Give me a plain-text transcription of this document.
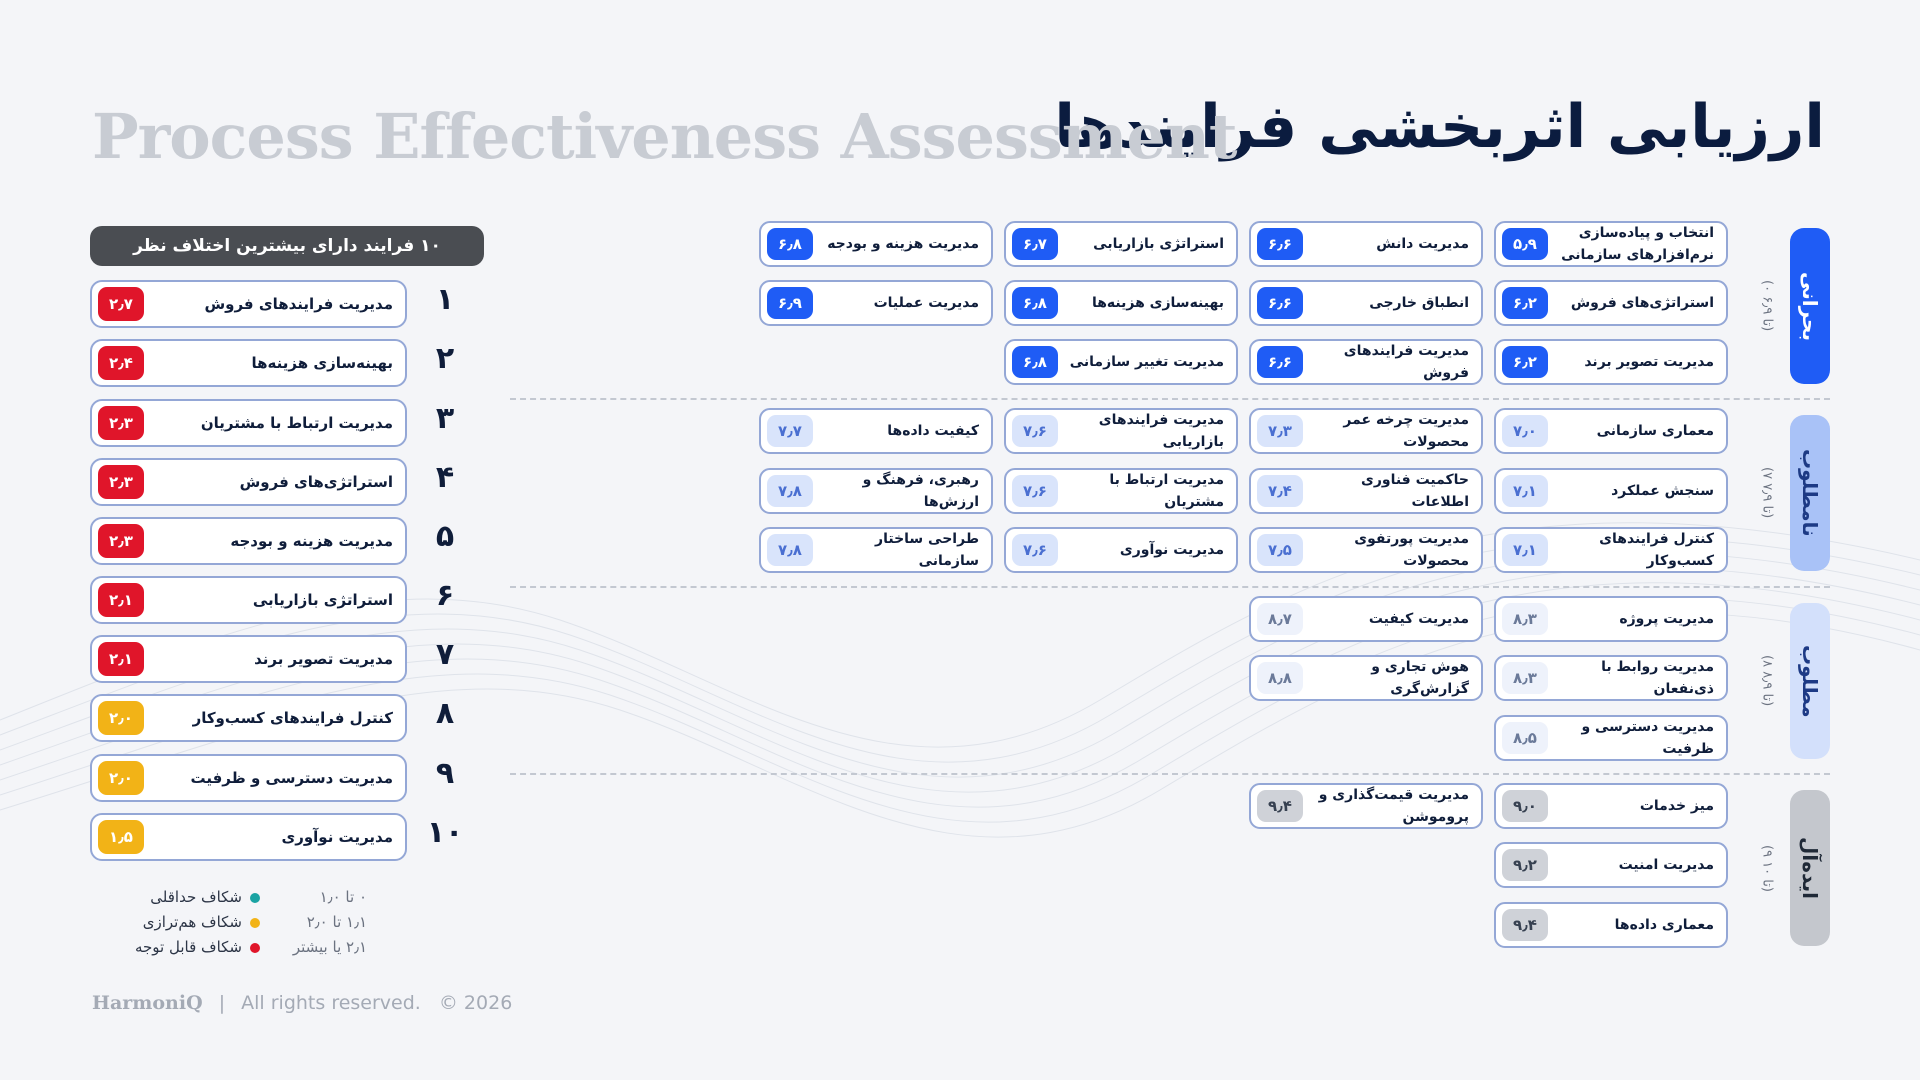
ارزیابی اثربخشی فرایندها
Process Effectiveness Assessment
بحرانی
(۰ تا ۶٫۹)
نامطلوب
(۷ تا ۷٫۹)
مطلوب
(۸ تا ۸٫۹)
ایده‌آل
(۹ تا ۱۰)
انتخاب و پیاده‌سازی نرم‌افزارهای سازمانی
۵٫۹
مدیریت دانش
۶٫۶
استراتژی بازاریابی
۶٫۷
مدیریت هزینه و بودجه
۶٫۸
استراتژی‌های فروش
۶٫۲
انطباق خارجی
۶٫۶
بهینه‌سازی هزینه‌ها
۶٫۸
مدیریت عملیات
۶٫۹
مدیریت تصویر برند
۶٫۲
مدیریت فرایندهای فروش
۶٫۶
مدیریت تغییر سازمانی
۶٫۸
معماری سازمانی
۷٫۰
مدیریت چرخه عمر محصولات
۷٫۳
مدیریت فرایندهای بازاریابی
۷٫۶
کیفیت داده‌ها
۷٫۷
سنجش عملکرد
۷٫۱
حاکمیت فناوری اطلاعات
۷٫۴
مدیریت ارتباط با مشتریان
۷٫۶
رهبری، فرهنگ و ارزش‌ها
۷٫۸
کنترل فرایندهای کسب‌وکار
۷٫۱
مدیریت پورتفوی محصولات
۷٫۵
مدیریت نوآوری
۷٫۶
طراحی ساختار سازمانی
۷٫۸
مدیریت پروژه
۸٫۳
مدیریت کیفیت
۸٫۷
مدیریت روابط با ذی‌نفعان
۸٫۳
هوش تجاری و گزارش‌گری
۸٫۸
مدیریت دسترسی و ظرفیت
۸٫۵
میز خدمات
۹٫۰
مدیریت قیمت‌گذاری و پروموشن
۹٫۴
مدیریت امنیت
۹٫۲
معماری داده‌ها
۹٫۴
۱۰ فرایند دارای بیشترین اختلاف نظر
۱
مدیریت فرایندهای فروش
۲٫۷
۲
بهینه‌سازی هزینه‌ها
۲٫۴
۳
مدیریت ارتباط با مشتریان
۲٫۳
۴
استراتژی‌های فروش
۲٫۳
۵
مدیریت هزینه و بودجه
۲٫۳
۶
استراتژی بازاریابی
۲٫۱
۷
مدیریت تصویر برند
۲٫۱
۸
کنترل فرایندهای کسب‌وکار
۲٫۰
۹
مدیریت دسترسی و ظرفیت
۲٫۰
۱۰
مدیریت نوآوری
۱٫۵
شکاف حداقلی	۰ تا ۱٫۰
شکاف هم‌ترازی	۱٫۱ تا ۲٫۰
شکاف قابل توجه	۲٫۱ یا بیشتر
HarmoniQ | All rights reserved. © 2026
